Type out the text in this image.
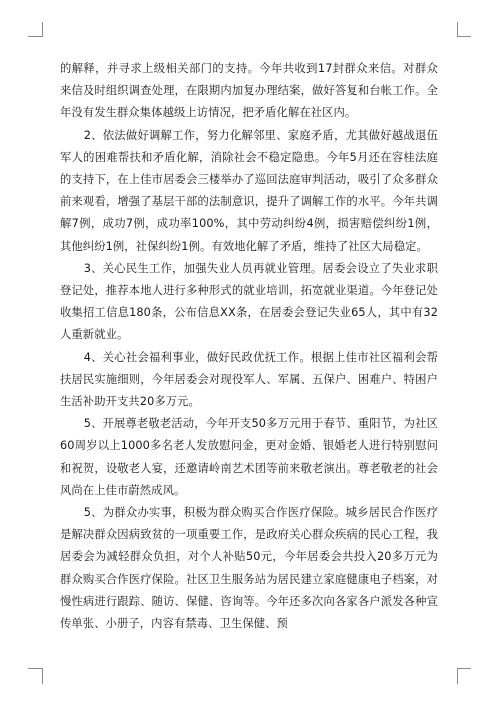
的解释，并寻求上级相关部门的支持。今年共收到17封群众来信。对群众来信及时组织调查处理，在限期内加复办理结案，做好答复和台帐工作。全年没有发生群众集体越级上访情况，把矛盾化解在社区内。

2、依法做好调解工作，努力化解邻里、家庭矛盾，尤其做好越战退伍军人的困难帮扶和矛盾化解，消除社会不稳定隐患。今年5月还在容桂法庭的支持下，在上佳市居委会三楼举办了巡回法庭审判活动，吸引了众多群众前来观看，增强了基层干部的法制意识，提升了调解工作的水平。今年共调解7例，成功7例，成功率100%，其中劳动纠纷4例，损害赔偿纠纷1例，其他纠纷1例，社保纠纷1例。有效地化解了矛盾，维持了社区大局稳定。

3、关心民生工作，加强失业人员再就业管理。居委会设立了失业求职登记处，推荐本地人进行多种形式的就业培训，拓宽就业渠道。今年登记处收集招工信息180条，公布信息XX条，在居委会登记失业65人，其中有32人重新就业。

4、关心社会福利事业，做好民政优抚工作。根据上佳市社区福利会帮扶居民实施细则，今年居委会对现役军人、军属、五保户、困难户、特困户生活补助开支共20多万元。

5、开展尊老敬老活动，今年开支50多万元用于春节、重阳节，为社区60周岁以上1000多名老人发放慰问金，更对金婚、银婚老人进行特别慰问和祝贺，设敬老人宴，还邀请岭南艺术团等前来敬老演出。尊老敬老的社会风尚在上佳市蔚然成风。

5、为群众办实事，积极为群众购买合作医疗保险。城乡居民合作医疗是解决群众因病致贫的一项重要工作，是政府关心群众疾病的民心工程，我居委会为减轻群众负担，对个人补贴50元，今年居委会共投入20多万元为群众购买合作医疗保险。社区卫生服务站为居民建立家庭健康电子档案，对慢性病进行跟踪、随访、保健、咨询等。今年还多次向各家各户派发各种宣传单张、小册子，内容有禁毒、卫生保健、预
